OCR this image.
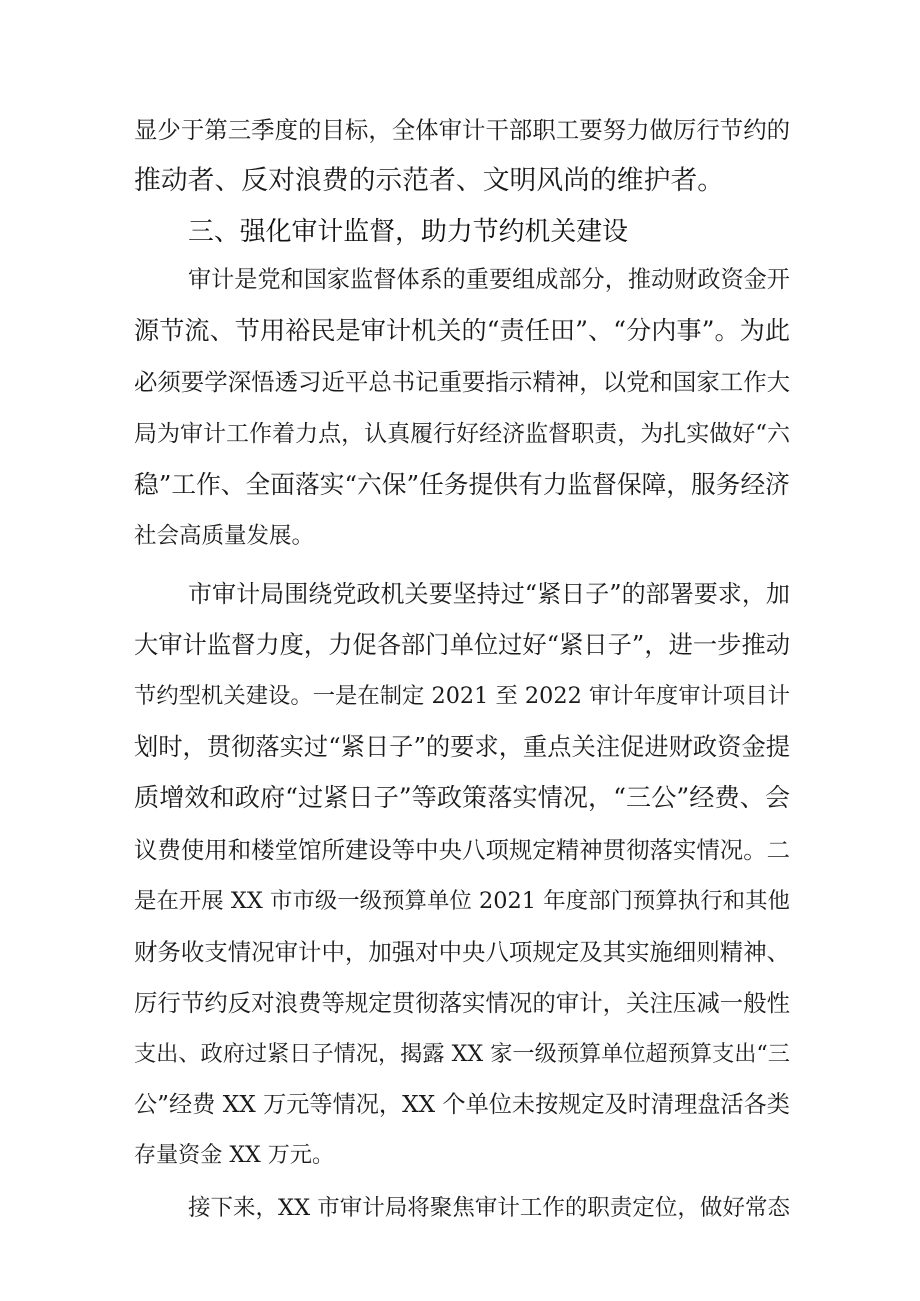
显少于第三季度的目标，全体审计干部职工要努力做厉行节约的
推动者、反对浪费的示范者、文明风尚的维护者。
三、强化审计监督，助力节约机关建设
审计是党和国家监督体系的重要组成部分，推动财政资金开
源节流、节用裕民是审计机关的“责任田”、“分内事”。为此
必须要学深悟透习近平总书记重要指示精神，以党和国家工作大
局为审计工作着力点，认真履行好经济监督职责，为扎实做好“六
稳”工作、全面落实“六保”任务提供有力监督保障，服务经济
社会高质量发展。
市审计局围绕党政机关要坚持过“紧日子”的部署要求，加
大审计监督力度，力促各部门单位过好“紧日子”，进一步推动
节约型机关建设。一是在制定 2021 至 2022 审计年度审计项目计
划时，贯彻落实过“紧日子”的要求，重点关注促进财政资金提
质增效和政府“过紧日子”等政策落实情况，“三公”经费、会
议费使用和楼堂馆所建设等中央八项规定精神贯彻落实情况。二
是在开展 XX 市市级一级预算单位 2021 年度部门预算执行和其他
财务收支情况审计中，加强对中央八项规定及其实施细则精神、
厉行节约反对浪费等规定贯彻落实情况的审计，关注压减一般性
支出、政府过紧日子情况，揭露 XX 家一级预算单位超预算支出“三
公”经费 XX 万元等情况，XX 个单位未按规定及时清理盘活各类
存量资金 XX 万元。
接下来，XX 市审计局将聚焦审计工作的职责定位，做好常态
